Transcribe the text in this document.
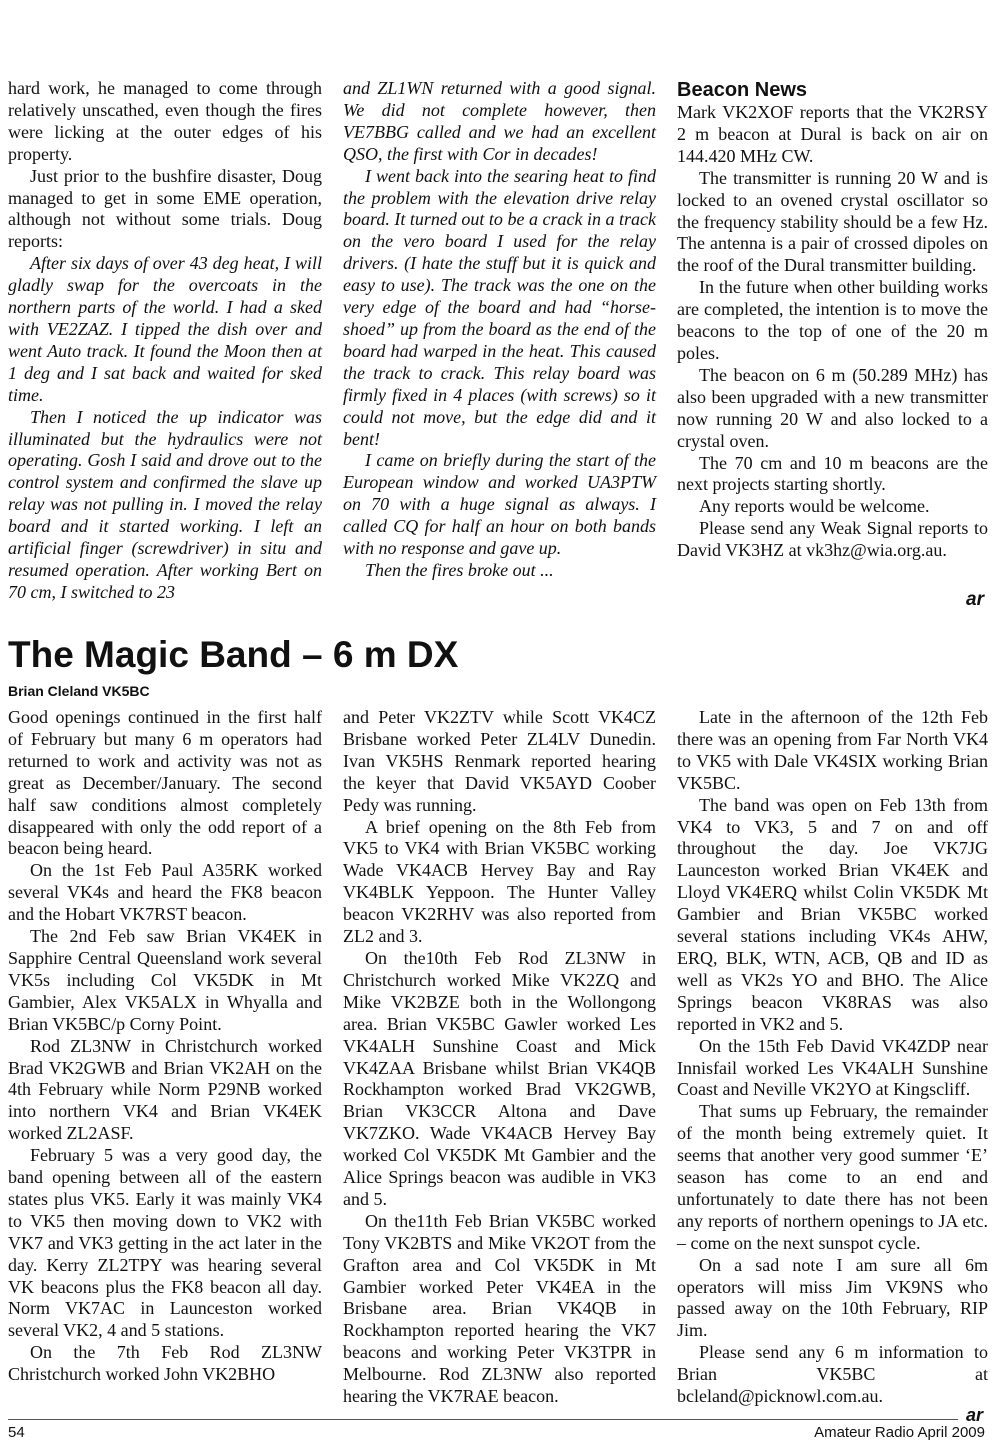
hard work, he managed to come through relatively unscathed, even though the fires were licking at the outer edges of his property.

Just prior to the bushfire disaster, Doug managed to get in some EME operation, although not without some trials. Doug reports:

After six days of over 43 deg heat, I will gladly swap for the overcoats in the northern parts of the world. I had a sked with VE2ZAZ. I tipped the dish over and went Auto track. It found the Moon then at 1 deg and I sat back and waited for sked time.

Then I noticed the up indicator was illuminated but the hydraulics were not operating. Gosh I said and drove out to the control system and confirmed the slave up relay was not pulling in. I moved the relay board and it started working. I left an artificial finger (screwdriver) in situ and resumed operation. After working Bert on 70 cm, I switched to 23

and ZL1WN returned with a good signal. We did not complete however, then VE7BBG called and we had an excellent QSO, the first with Cor in decades!

I went back into the searing heat to find the problem with the elevation drive relay board. It turned out to be a crack in a track on the vero board I used for the relay drivers. (I hate the stuff but it is quick and easy to use). The track was the one on the very edge of the board and had “horse-shoed” up from the board as the end of the board had warped in the heat. This caused the track to crack. This relay board was firmly fixed in 4 places (with screws) so it could not move, but the edge did and it bent!

I came on briefly during the start of the European window and worked UA3PTW on 70 with a huge signal as always. I called CQ for half an hour on both bands with no response and gave up.

Then the fires broke out ...

Beacon News

Mark VK2XOF reports that the VK2RSY 2 m beacon at Dural is back on air on 144.420 MHz CW.

The transmitter is running 20 W and is locked to an ovened crystal oscillator so the frequency stability should be a few Hz. The antenna is a pair of crossed dipoles on the roof of the Dural transmitter building.

In the future when other building works are completed, the intention is to move the beacons to the top of one of the 20 m poles.

The beacon on 6 m (50.289 MHz) has also been upgraded with a new transmitter now running 20 W and also locked to a crystal oven.

The 70 cm and 10 m beacons are the next projects starting shortly.

Any reports would be welcome.

Please send any Weak Signal reports to David VK3HZ at vk3hz@wia.org.au.

ar
The Magic Band – 6 m DX
Brian Cleland VK5BC

Good openings continued in the first half of February but many 6 m operators had returned to work and activity was not as great as December/January. The second half saw conditions almost completely disappeared with only the odd report of a beacon being heard.

On the 1st Feb Paul A35RK worked several VK4s and heard the FK8 beacon and the Hobart VK7RST beacon.

The 2nd Feb saw Brian VK4EK in Sapphire Central Queensland work several VK5s including Col VK5DK in Mt Gambier, Alex VK5ALX in Whyalla and Brian VK5BC/p Corny Point.

Rod ZL3NW in Christchurch worked Brad VK2GWB and Brian VK2AH on the 4th February while Norm P29NB worked into northern VK4 and Brian VK4EK worked ZL2ASF.

February 5 was a very good day, the band opening between all of the eastern states plus VK5. Early it was mainly VK4 to VK5 then moving down to VK2 with VK7 and VK3 getting in the act later in the day. Kerry ZL2TPY was hearing several VK beacons plus the FK8 beacon all day. Norm VK7AC in Launceston worked several VK2, 4 and 5 stations.

On the 7th Feb Rod ZL3NW Christchurch worked John VK2BHO

and Peter VK2ZTV while Scott VK4CZ Brisbane worked Peter ZL4LV Dunedin. Ivan VK5HS Renmark reported hearing the keyer that David VK5AYD Coober Pedy was running.

A brief opening on the 8th Feb from VK5 to VK4 with Brian VK5BC working Wade VK4ACB Hervey Bay and Ray VK4BLK Yeppoon. The Hunter Valley beacon VK2RHV was also reported from ZL2 and 3.

On the10th Feb Rod ZL3NW in Christchurch worked Mike VK2ZQ and Mike VK2BZE both in the Wollongong area. Brian VK5BC Gawler worked Les VK4ALH Sunshine Coast and Mick VK4ZAA Brisbane whilst Brian VK4QB Rockhampton worked Brad VK2GWB, Brian VK3CCR Altona and Dave VK7ZKO. Wade VK4ACB Hervey Bay worked Col VK5DK Mt Gambier and the Alice Springs beacon was audible in VK3 and 5.

On the11th Feb Brian VK5BC worked Tony VK2BTS and Mike VK2OT from the Grafton area and Col VK5DK in Mt Gambier worked Peter VK4EA in the Brisbane area. Brian VK4QB in Rockhampton reported hearing the VK7 beacons and working Peter VK3TPR in Melbourne. Rod ZL3NW also reported hearing the VK7RAE beacon.

Late in the afternoon of the 12th Feb there was an opening from Far North VK4 to VK5 with Dale VK4SIX working Brian VK5BC.

The band was open on Feb 13th from VK4 to VK3, 5 and 7 on and off throughout the day. Joe VK7JG Launceston worked Brian VK4EK and Lloyd VK4ERQ whilst Colin VK5DK Mt Gambier and Brian VK5BC worked several stations including VK4s AHW, ERQ, BLK, WTN, ACB, QB and ID as well as VK2s YO and BHO. The Alice Springs beacon VK8RAS was also reported in VK2 and 5.

On the 15th Feb David VK4ZDP near Innisfail worked Les VK4ALH Sunshine Coast and Neville VK2YO at Kingscliff.

That sums up February, the remainder of the month being extremely quiet. It seems that another very good summer ‘E’ season has come to an end and unfortunately to date there has not been any reports of northern openings to JA etc. – come on the next sunspot cycle.

On a sad note I am sure all 6m operators will miss Jim VK9NS who passed away on the 10th February, RIP Jim.

Please send any 6 m information to Brian VK5BC at bcleland@picknowl.com.au.

54
ar
Amateur Radio April 2009
